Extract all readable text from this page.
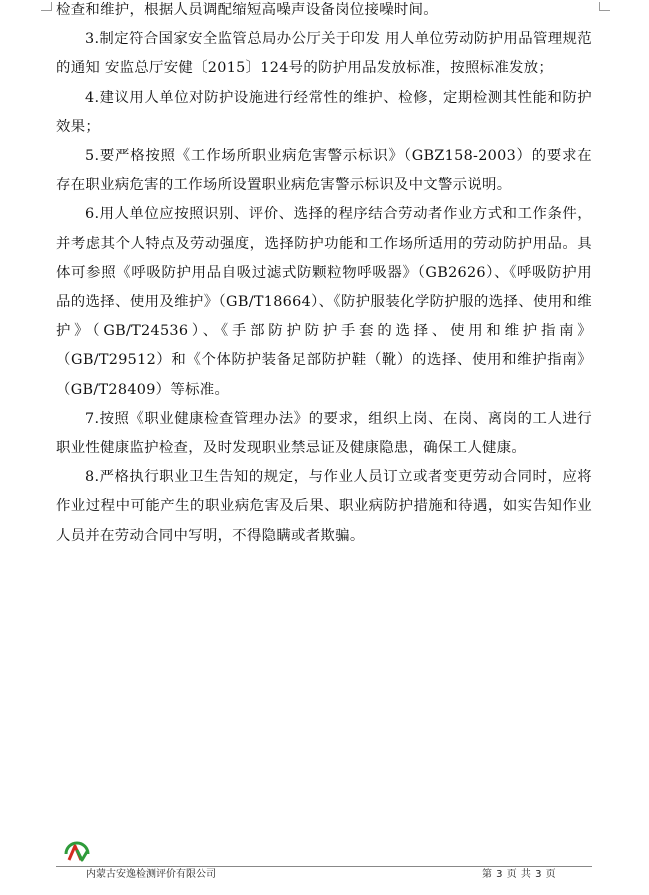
检查和维护，根据人员调配缩短高噪声设备岗位接噪时间。

3.制定符合国家安全监管总局办公厅关于印发 用人单位劳动防护用品管理规范的通知 安监总厅安健〔2015〕124号的防护用品发放标准，按照标准发放；

4.建议用人单位对防护设施进行经常性的维护、检修，定期检测其性能和防护效果；

5.要严格按照《工作场所职业病危害警示标识》（GBZ158-2003）的要求在存在职业病危害的工作场所设置职业病危害警示标识及中文警示说明。

6.用人单位应按照识别、评价、选择的程序结合劳动者作业方式和工作条件，并考虑其个人特点及劳动强度，选择防护功能和工作场所适用的劳动防护用品。具体可参照《呼吸防护用品自吸过滤式防颗粒物呼吸器》（GB2626）、《呼吸防护用品的选择、使用及维护》（GB/T18664）、《防护服装化学防护服的选择、使用和维护》（GB/T24536）、《手部防护防护手套的选择、使用和维护指南》（GB/T29512）和《个体防护装备足部防护鞋（靴）的选择、使用和维护指南》（GB/T28409）等标准。

7.按照《职业健康检查管理办法》的要求，组织上岗、在岗、离岗的工人进行职业性健康监护检查，及时发现职业禁忌证及健康隐患，确保工人健康。

8.严格执行职业卫生告知的规定，与作业人员订立或者变更劳动合同时，应将作业过程中可能产生的职业病危害及后果、职业病防护措施和待遇，如实告知作业人员并在劳动合同中写明，不得隐瞒或者欺骗。

内蒙古安逸检测评价有限公司	第 3 页 共 3 页
